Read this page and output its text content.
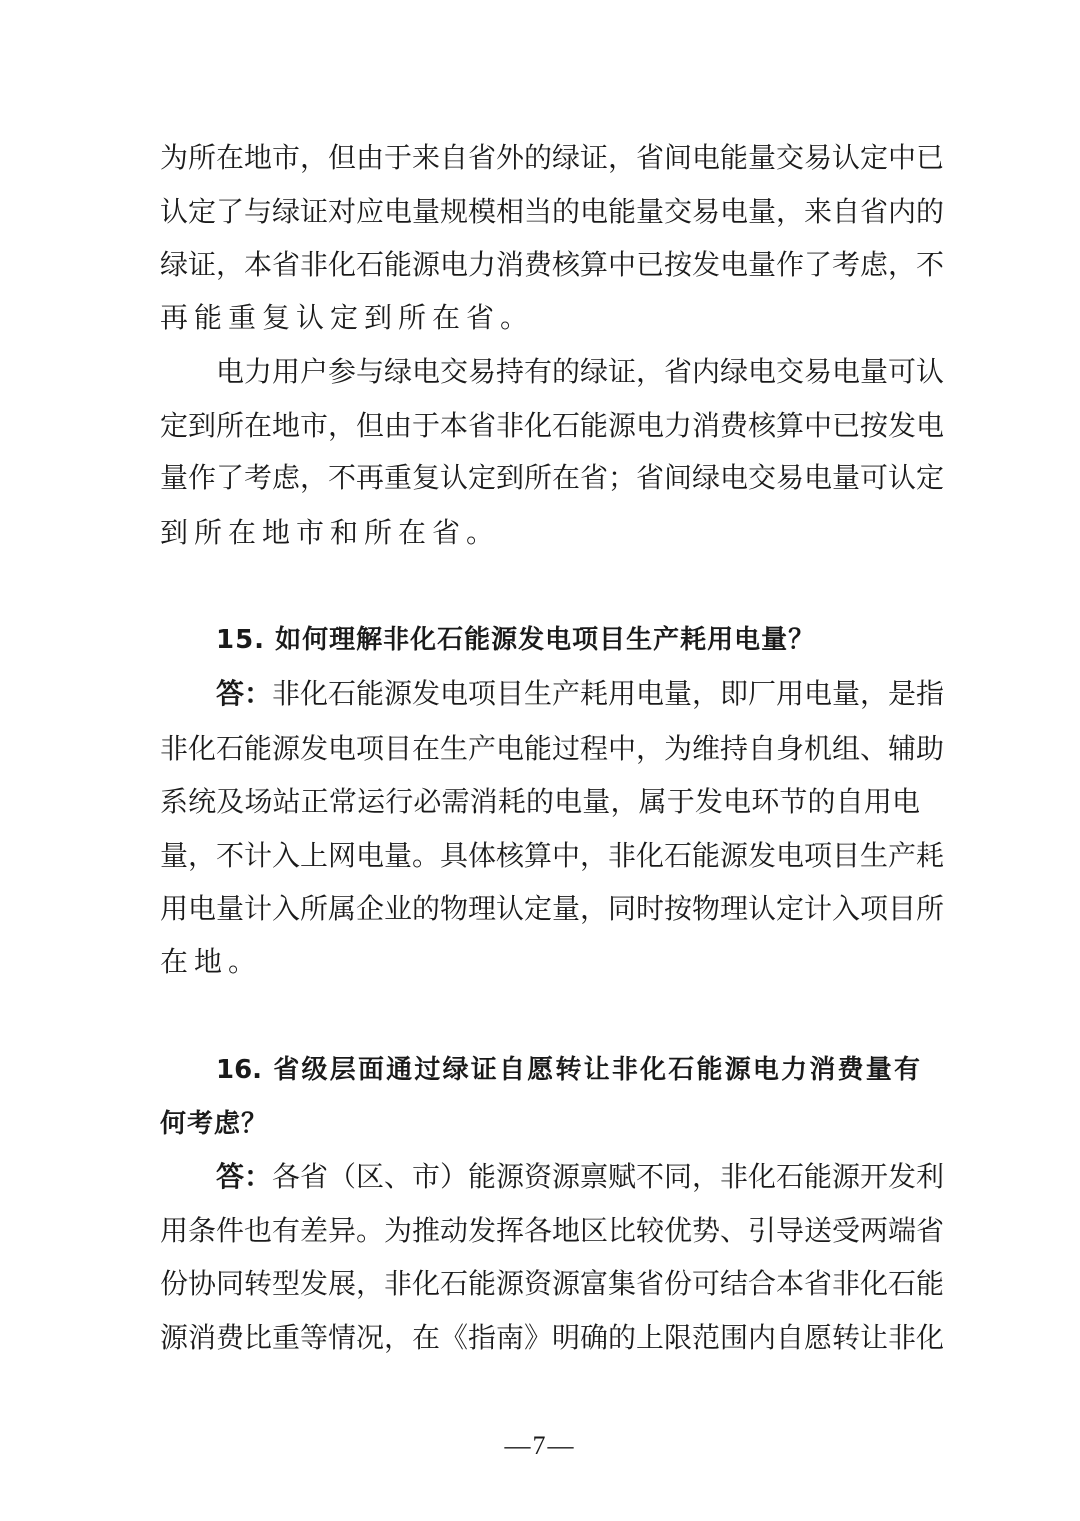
为所在地市，但由于来自省外的绿证，省间电能量交易认定中已
认定了与绿证对应电量规模相当的电能量交易电量，来自省内的
绿证，本省非化石能源电力消费核算中已按发电量作了考虑，不
再能重复认定到所在省。
电力用户参与绿电交易持有的绿证，省内绿电交易电量可认
定到所在地市，但由于本省非化石能源电力消费核算中已按发电
量作了考虑，不再重复认定到所在省；省间绿电交易电量可认定
到所在地市和所在省。
15. 如何理解非化石能源发电项目生产耗用电量？
答：非化石能源发电项目生产耗用电量，即厂用电量，是指
非化石能源发电项目在生产电能过程中，为维持自身机组、辅助
系统及场站正常运行必需消耗的电量，属于发电环节的自用电
量，不计入上网电量。具体核算中，非化石能源发电项目生产耗
用电量计入所属企业的物理认定量，同时按物理认定计入项目所
在地。
16. 省级层面通过绿证自愿转让非化石能源电力消费量有
何考虑？
答：各省（区、市）能源资源禀赋不同，非化石能源开发利
用条件也有差异。为推动发挥各地区比较优势、引导送受两端省
份协同转型发展，非化石能源资源富集省份可结合本省非化石能
源消费比重等情况，在《指南》明确的上限范围内自愿转让非化
—7—
